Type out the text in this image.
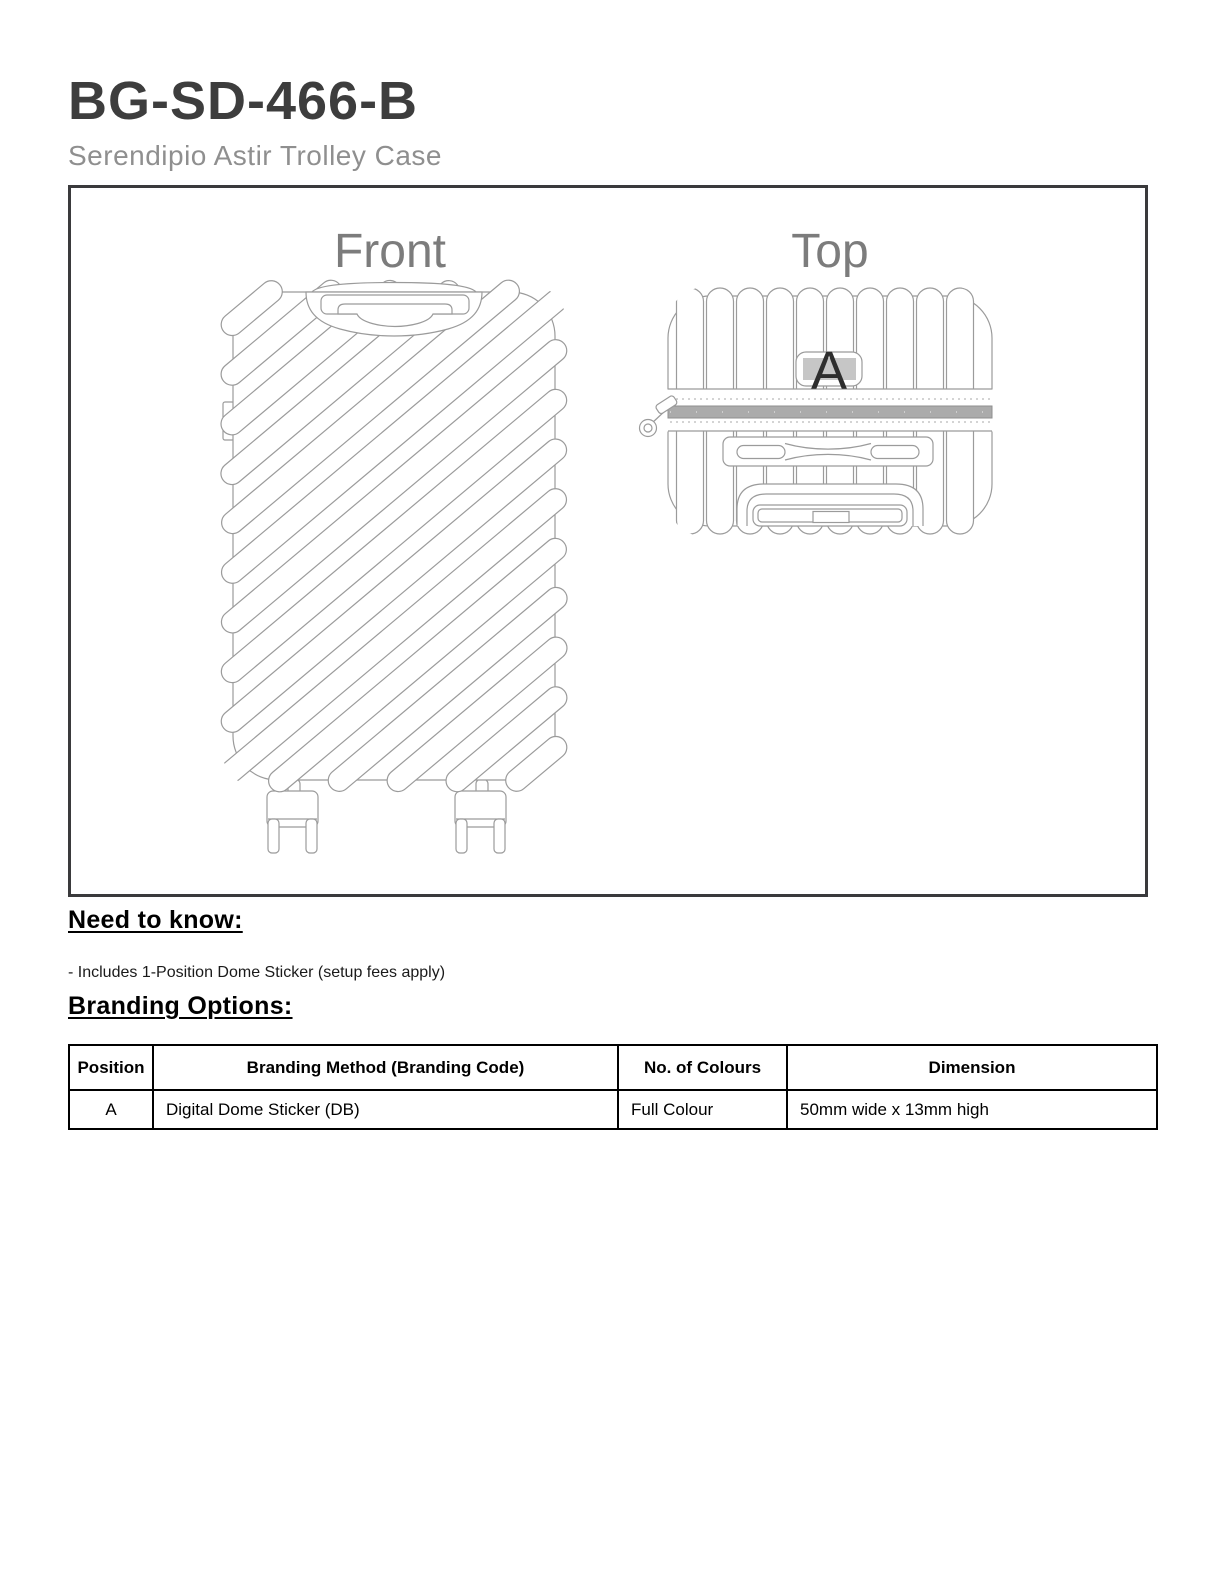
BG-SD-466-B
Serendipio Astir Trolley Case
Front	Top
A
Need to know:
- Includes 1-Position Dome Sticker (setup fees apply)
Branding Options:
Position	Branding Method (Branding Code)	No. of Colours	Dimension
A	Digital Dome Sticker (DB)	Full Colour	50mm wide x 13mm high
